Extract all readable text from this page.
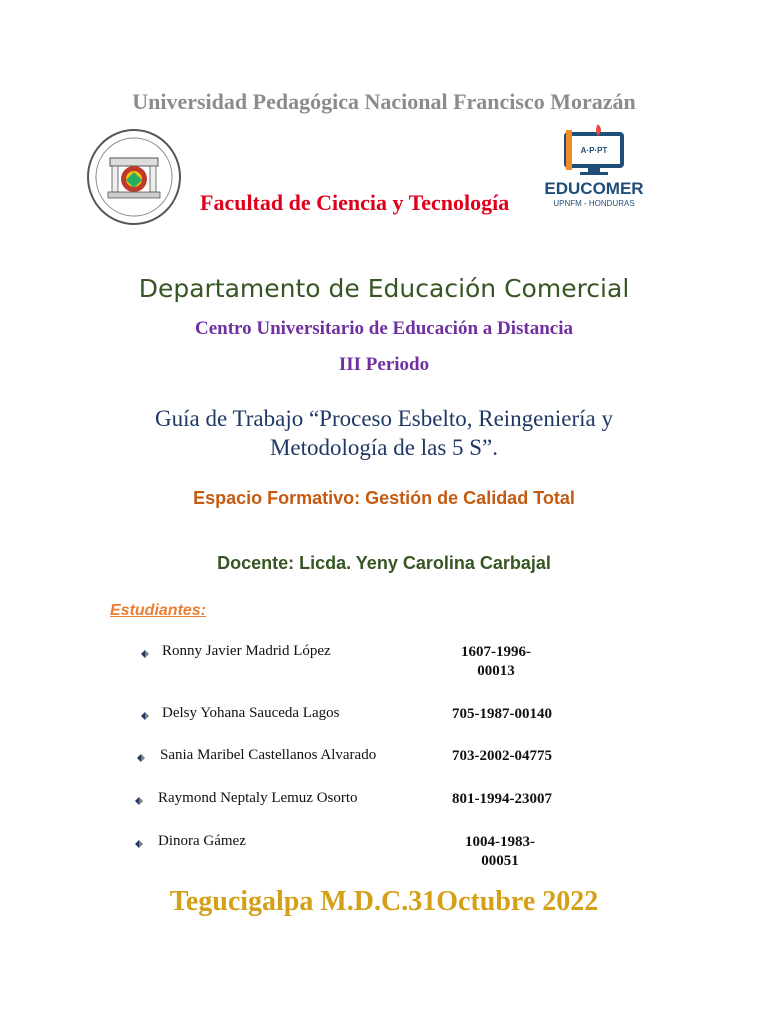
Universidad Pedagógica Nacional Francisco Morazán
A·P·PT
EDUCOMER
UPNFM - HONDURAS
Facultad de Ciencia y Tecnología
Departamento de Educación Comercial
Centro Universitario de Educación a Distancia
III Periodo
Guía de Trabajo “Proceso Esbelto, Reingeniería y Metodología de las 5 S”.
Espacio Formativo: Gestión de Calidad Total
Docente: Licda. Yeny Carolina Carbajal
Estudiantes:
Ronny Javier Madrid López	1607-1996-00013
Delsy Yohana Sauceda Lagos	705-1987-00140
Sania Maribel Castellanos Alvarado	703-2002-04775
Raymond Neptaly Lemuz Osorto	801-1994-23007
Dinora Gámez	1004-1983-00051
Tegucigalpa M.D.C.31Octubre 2022
